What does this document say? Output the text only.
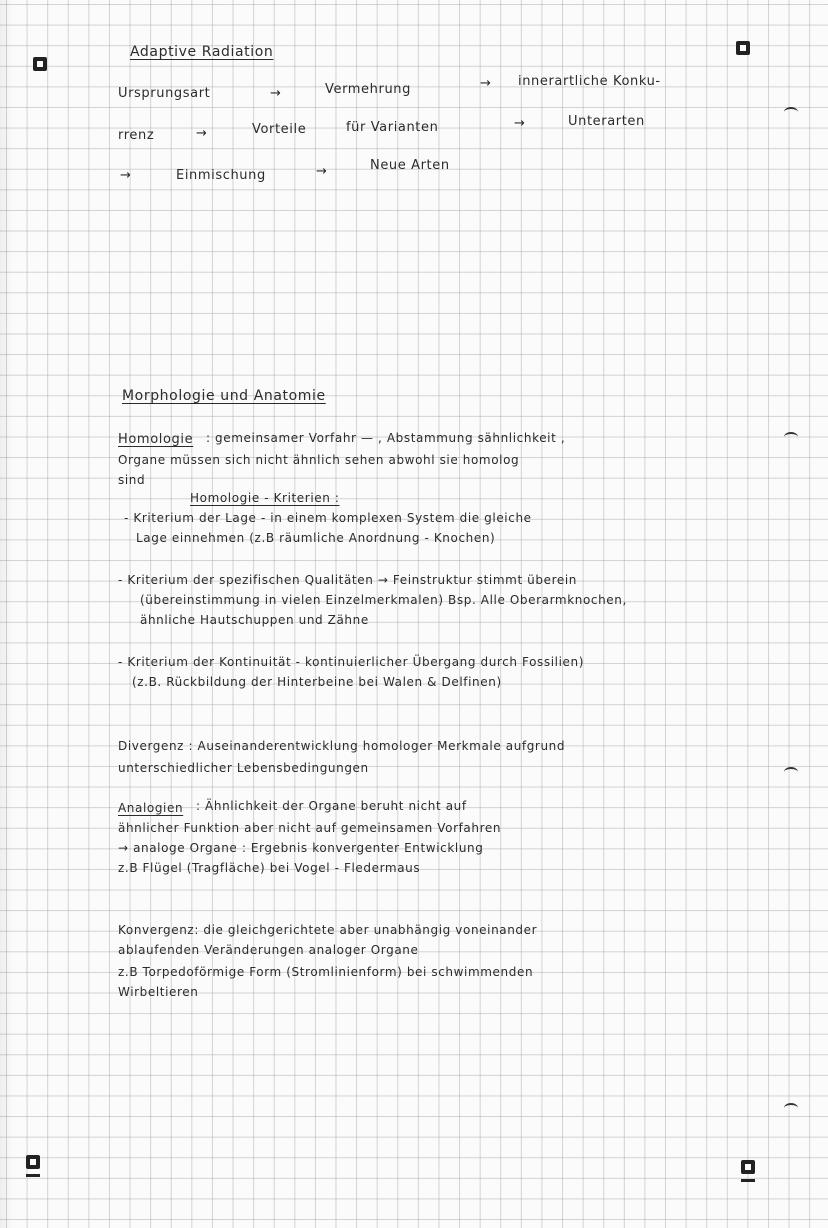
Adaptive Radiation
Ursprungsart	→	Vermehrung	→ innerartliche Konku-
rrenz	→	Vorteile	für Varianten	→	Unterarten
→	Einmischung	→	Neue Arten
Morphologie und Anatomie
Homologie : gemeinsamer Vorfahr — , Abstammung sähnlichkeit ,
Organe müssen sich nicht ähnlich sehen abwohl sie homolog
sind
Homologie - Kriterien :
- Kriterium der Lage - in einem komplexen System die gleiche
Lage einnehmen (z.B räumliche Anordnung - Knochen)
- Kriterium der spezifischen Qualitäten → Feinstruktur stimmt überein
(übereinstimmung in vielen Einzelmerkmalen) Bsp. Alle Oberarmknochen,
ähnliche Hautschuppen und Zähne
- Kriterium der Kontinuität - kontinuierlicher Übergang durch Fossilien)
(z.B. Rückbildung der Hinterbeine bei Walen & Delfinen)
Divergenz : Auseinanderentwicklung homologer Merkmale aufgrund
unterschiedlicher Lebensbedingungen
Analogien : Ähnlichkeit der Organe beruht nicht auf
ähnlicher Funktion aber nicht auf gemeinsamen Vorfahren
→ analoge Organe : Ergebnis konvergenter Entwicklung
z.B Flügel (Tragfläche) bei Vogel - Fledermaus
Konvergenz: die gleichgerichtete aber unabhängig voneinander
ablaufenden Veränderungen analoger Organe
z.B Torpedoförmige Form (Stromlinienform) bei schwimmenden
Wirbeltieren
